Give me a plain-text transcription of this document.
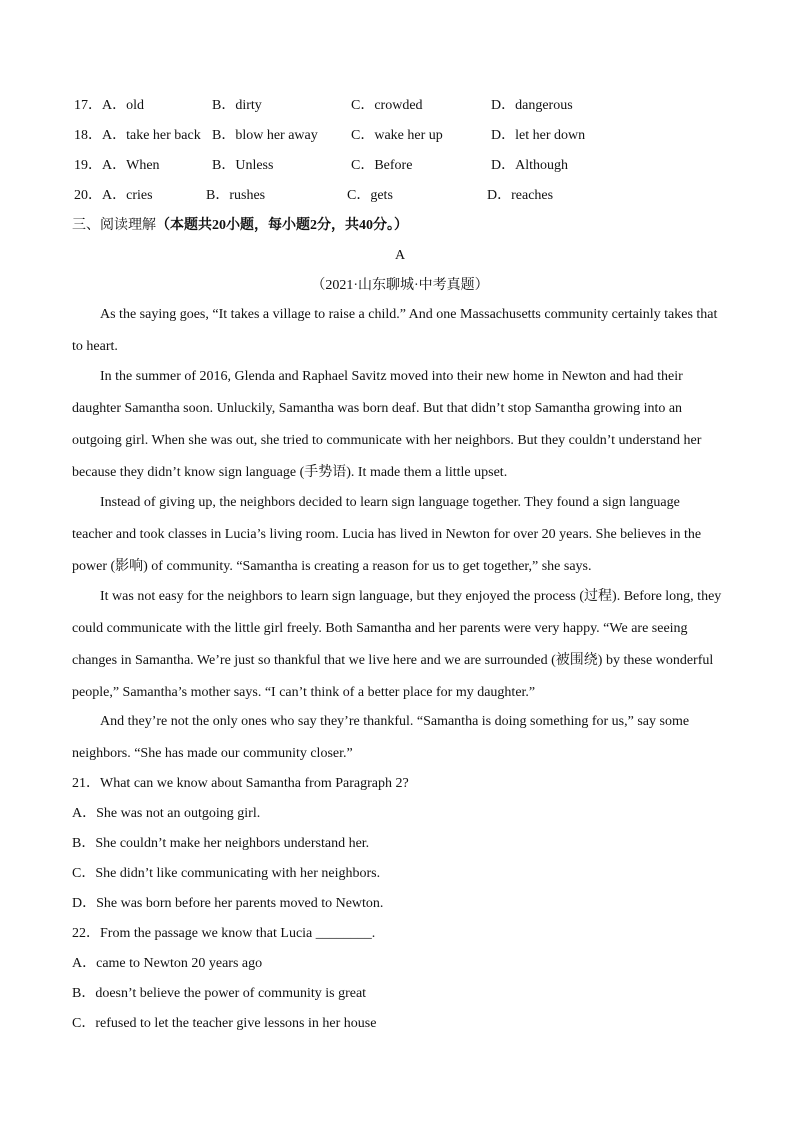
17． A．old	B．dirty	C．crowded	D．dangerous
18． A．take her back B．blow her away C．wake her up	D．let her down
19． A．When	B．Unless	C．Before	D．Although
20． A．cries	B．rushes	C．gets	D．reaches
三、阅读理解（本题共20小题，每小题2分，共40分。）
A
（2021·山东聊城·中考真题）
As the saying goes, “It takes a village to raise a child.” And one Massachusetts community certainly takes that
to heart.
In the summer of 2016, Glenda and Raphael Savitz moved into their new home in Newton and had their
daughter Samantha soon. Unluckily, Samantha was born deaf. But that didn’t stop Samantha growing into an
outgoing girl. When she was out, she tried to communicate with her neighbors. But they couldn’t understand her
because they didn’t know sign language (手势语). It made them a little upset.
Instead of giving up, the neighbors decided to learn sign language together. They found a sign language
teacher and took classes in Lucia’s living room. Lucia has lived in Newton for over 20 years. She believes in the
power (影响) of community. “Samantha is creating a reason for us to get together,” she says.
It was not easy for the neighbors to learn sign language, but they enjoyed the process (过程). Before long, they
could communicate with the little girl freely. Both Samantha and her parents were very happy. “We are seeing
changes in Samantha. We’re just so thankful that we live here and we are surrounded (被围绕) by these wonderful
people,” Samantha’s mother says. “I can’t think of a better place for my daughter.”
And they’re not the only ones who say they’re thankful. “Samantha is doing something for us,” say some
neighbors. “She has made our community closer.”
21．What can we know about Samantha from Paragraph 2?
A．She was not an outgoing girl.
B．She couldn’t make her neighbors understand her.
C．She didn’t like communicating with her neighbors.
D．She was born before her parents moved to Newton.
22．From the passage we know that Lucia ________.
A．came to Newton 20 years ago
B．doesn’t believe the power of community is great
C．refused to let the teacher give lessons in her house
